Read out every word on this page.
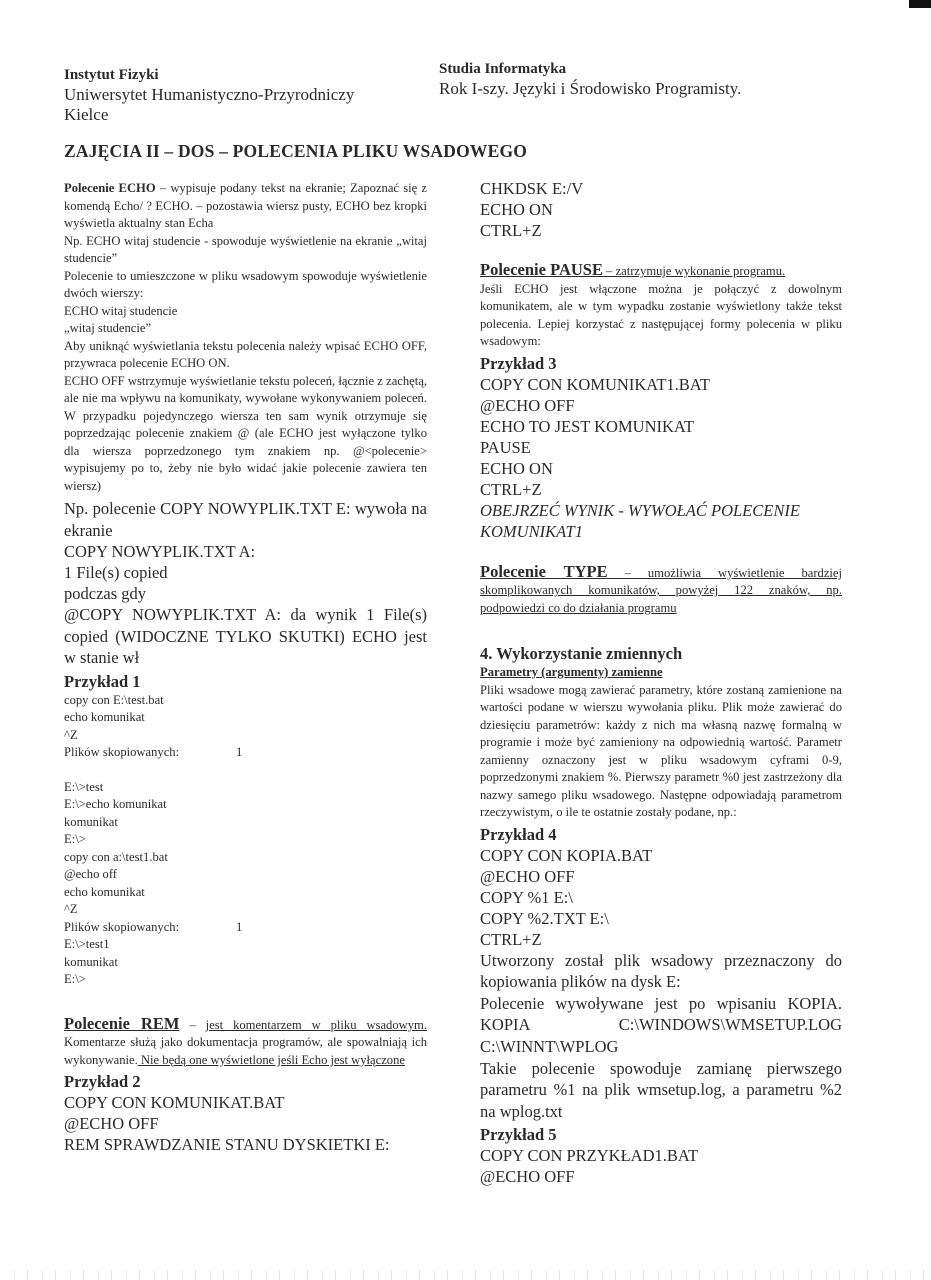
Instytut Fizyki
Uniwersytet Humanistyczno-Przyrodniczy
Kielce
Studia Informatyka
Rok I-szy. Języki i Środowisko Programisty.
ZAJĘCIA II – DOS – POLECENIA PLIKU WSADOWEGO

Polecenie ECHO – wypisuje podany tekst na ekranie; Zapoznać się z komendą Echo/ ? ECHO. – pozostawia wiersz pusty, ECHO bez kropki wyświetla aktualny stan Echa

Np. ECHO witaj studencie - spowoduje wyświetlenie na ekranie „witaj studencie”

Polecenie to umieszczone w pliku wsadowym spowoduje wyświetlenie dwóch wierszy:

ECHO witaj studencie

„witaj studencie”

Aby uniknąć wyświetlania tekstu polecenia należy wpisać ECHO OFF, przywraca polecenie ECHO ON.

ECHO OFF wstrzymuje wyświetlanie tekstu poleceń, łącznie z zachętą, ale nie ma wpływu na komunikaty, wywołane wykonywaniem poleceń. W przypadku pojedynczego wiersza ten sam wynik otrzymuje się poprzedzając polecenie znakiem @ (ale ECHO jest wyłączone tylko dla wiersza poprzedzonego tym znakiem np. @<polecenie> wypisujemy po to, żeby nie było widać jakie polecenie zawiera ten wiersz)

Np. polecenie COPY NOWYPLIK.TXT E: wywoła na ekranie

COPY NOWYPLIK.TXT A:

1 File(s) copied

podczas gdy

@COPY NOWYPLIK.TXT A: da wynik 1 File(s) copied (WIDOCZNE TYLKO SKUTKI) ECHO jest w stanie wł

Przykład 1
copy con E:\test.bat
echo komunikat
^Z
Plików skopiowanych:	1
E:\>test
E:\>echo komunikat
komunikat
E:\>
copy con a:\test1.bat
@echo off
echo komunikat
^Z
Plików skopiowanych:	1
E:\>test1
komunikat
E:\>

Polecenie REM – jest komentarzem w pliku wsadowym. Komentarze służą jako dokumentacja programów, ale spowalniają ich wykonywanie. Nie będą one wyświetlone jeśli Echo jest wyłączone

Przykład 2

COPY CON KOMUNIKAT.BAT

@ECHO OFF

REM SPRAWDZANIE STANU DYSKIETKI E:

CHKDSK E:/V

ECHO ON

CTRL+Z

Polecenie PAUSE – zatrzymuje wykonanie programu.

Jeśli ECHO jest włączone można je połączyć z dowolnym komunikatem, ale w tym wypadku zostanie wyświetlony także tekst polecenia. Lepiej korzystać z następującej formy polecenia w pliku wsadowym:

Przykład 3

COPY CON KOMUNIKAT1.BAT

@ECHO OFF

ECHO TO JEST KOMUNIKAT

PAUSE

ECHO ON

CTRL+Z

OBEJRZEĆ WYNIK - WYWOŁAĆ POLECENIE KOMUNIKAT1

Polecenie TYPE – umożliwia wyświetlenie bardziej skomplikowanych komunikatów, powyżej 122 znaków, np. podpowiedzi co do działania programu

4. Wykorzystanie zmiennych
Parametry (argumenty) zamienne

Pliki wsadowe mogą zawierać parametry, które zostaną zamienione na wartości podane w wierszu wywołania pliku. Plik może zawierać do dziesięciu parametrów: każdy z nich ma własną nazwę formalną w programie i może być zamieniony na odpowiednią wartość. Parametr zamienny oznaczony jest w pliku wsadowym cyframi 0-9, poprzedzonymi znakiem %. Pierwszy parametr %0 jest zastrzeżony dla nazwy samego pliku wsadowego. Następne odpowiadają parametrom rzeczywistym, o ile te ostatnie zostały podane, np.:

Przykład 4

COPY CON KOPIA.BAT

@ECHO OFF

COPY %1 E:\

COPY %2.TXT E:\

CTRL+Z

Utworzony został plik wsadowy przeznaczony do kopiowania plików na dysk E:

Polecenie wywoływane jest po wpisaniu KOPIA. KOPIA C:\WINDOWS\WMSETUP.LOG C:\WINNT\WPLOG

Takie polecenie spowoduje zamianę pierwszego parametru %1 na plik wmsetup.log, a parametru %2 na wplog.txt

Przykład 5

COPY CON PRZYKŁAD1.BAT

@ECHO OFF
